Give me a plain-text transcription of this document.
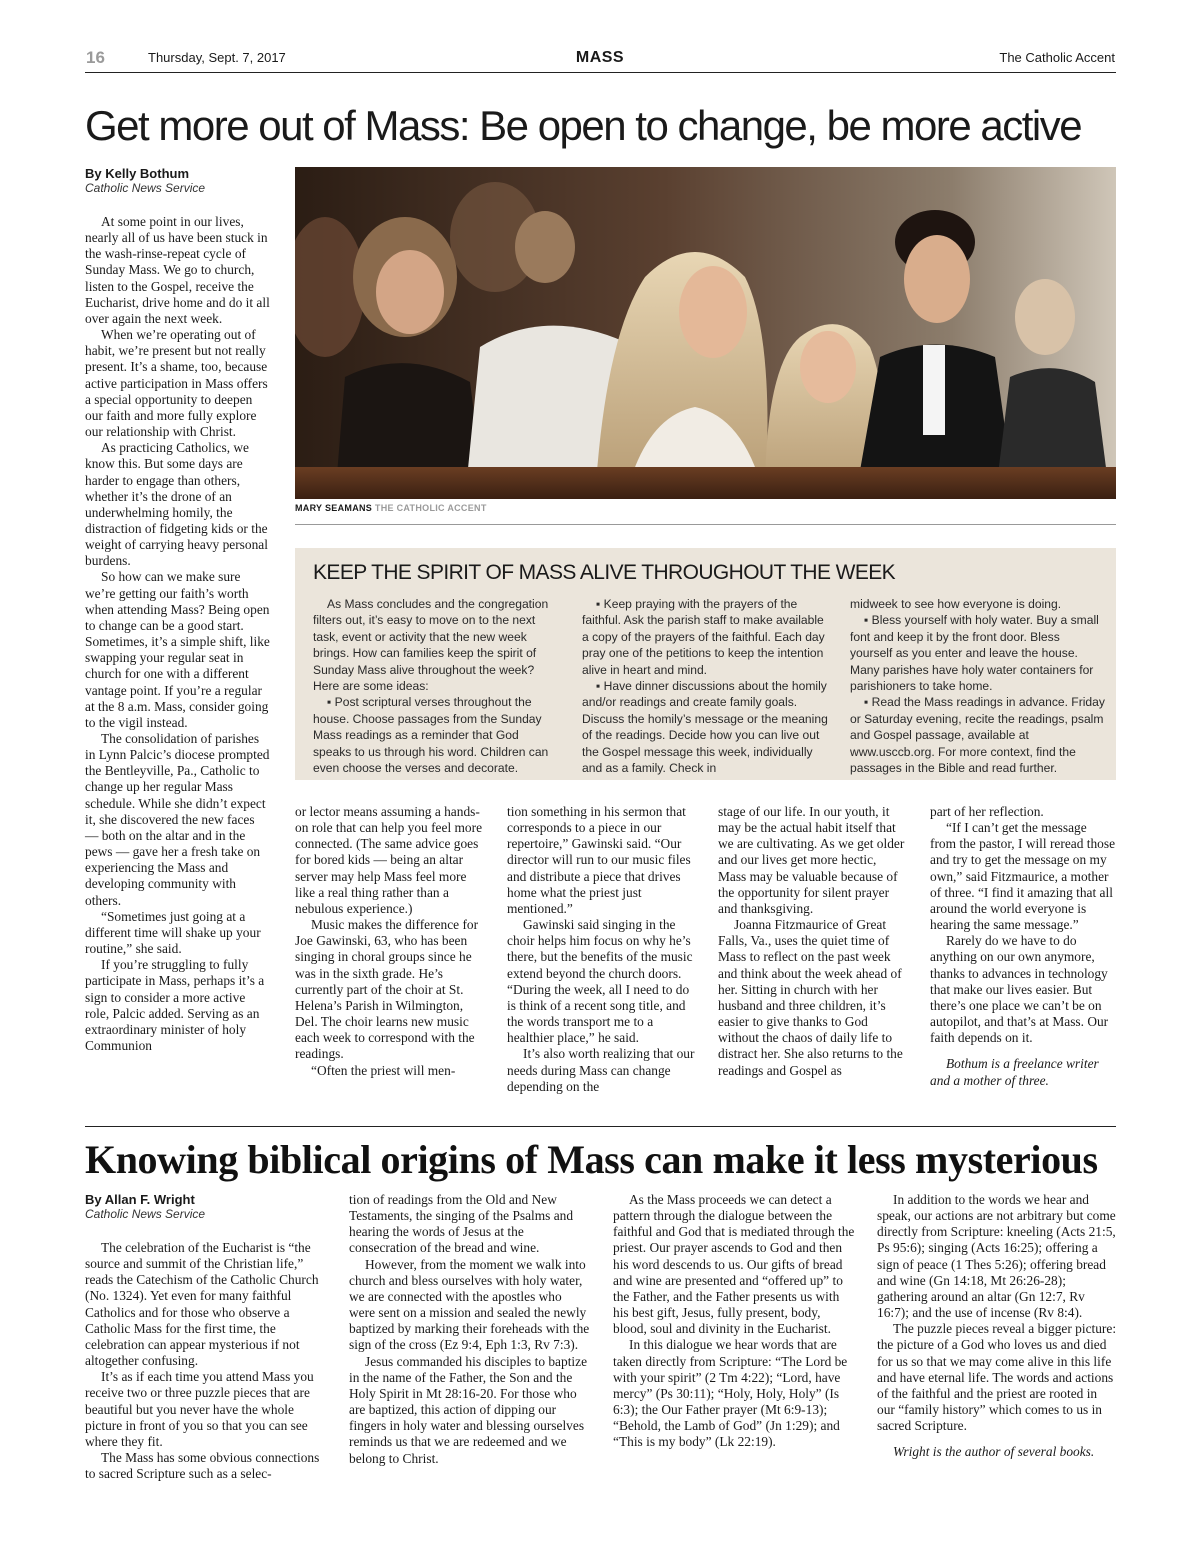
16	Thursday, Sept. 7, 2017	MASS	The Catholic Accent
Get more out of Mass: Be open to change, be more active
By Kelly Bothum
Catholic News Service

At some point in our lives, nearly all of us have been stuck in the wash-rinse-repeat cycle of Sunday Mass. We go to church, listen to the Gospel, receive the Eucharist, drive home and do it all over again the next week.

When we’re operating out of habit, we’re present but not really present. It’s a shame, too, because active participation in Mass offers a special opportunity to deepen our faith and more fully explore our relationship with Christ.

As practicing Catholics, we know this. But some days are harder to engage than others, whether it’s the drone of an underwhelming homily, the distraction of fidgeting kids or the weight of carrying heavy personal burdens.

So how can we make sure we’re getting our faith’s worth when attending Mass? Being open to change can be a good start. Sometimes, it’s a simple shift, like swapping your regular seat in church for one with a different vantage point. If you’re a regular at the 8 a.m. Mass, consider going to the vigil instead.

The consolidation of parishes in Lynn Palcic’s diocese prompted the Bentleyville, Pa., Catholic to change up her regular Mass schedule. While she didn’t expect it, she discovered the new faces — both on the altar and in the pews — gave her a fresh take on experiencing the Mass and developing community with others.

“Sometimes just going at a different time will shake up your routine,” she said.

If you’re struggling to fully participate in Mass, perhaps it’s a sign to consider a more active role, Palcic added. Serving as an extraordinary minister of holy Communion

MARY SEAMANS THE CATHOLIC ACCENT
KEEP THE SPIRIT OF MASS ALIVE THROUGHOUT THE WEEK

As Mass concludes and the congregation filters out, it’s easy to move on to the next task, event or activity that the new week brings. How can families keep the spirit of Sunday Mass alive throughout the week? Here are some ideas:

▪ Post scriptural verses throughout the house. Choose passages from the Sunday Mass readings as a reminder that God speaks to us through his word. Children can even choose the verses and decorate.

▪ Keep praying with the prayers of the faithful. Ask the parish staff to make available a copy of the prayers of the faithful. Each day pray one of the petitions to keep the intention alive in heart and mind.

▪ Have dinner discussions about the homily and/or readings and create family goals. Discuss the homily’s message or the meaning of the readings. Decide how you can live out the Gospel message this week, individually and as a family. Check in

midweek to see how everyone is doing.

▪ Bless yourself with holy water. Buy a small font and keep it by the front door. Bless yourself as you enter and leave the house. Many parishes have holy water containers for parishioners to take home.

▪ Read the Mass readings in advance. Friday or Saturday evening, recite the readings, psalm and Gospel passage, available at www.usccb.org. For more context, find the passages in the Bible and read further.

or lector means assuming a hands-on role that can help you feel more connected. (The same advice goes for bored kids — being an altar server may help Mass feel more like a real thing rather than a nebulous experience.)

Music makes the difference for Joe Gawinski, 63, who has been singing in choral groups since he was in the sixth grade. He’s currently part of the choir at St. Helena’s Parish in Wilmington, Del. The choir learns new music each week to correspond with the readings.

“Often the priest will men-

tion something in his sermon that corresponds to a piece in our repertoire,” Gawinski said. “Our director will run to our music files and distribute a piece that drives home what the priest just mentioned.”

Gawinski said singing in the choir helps him focus on why he’s there, but the benefits of the music extend beyond the church doors. “During the week, all I need to do is think of a recent song title, and the words transport me to a healthier place,” he said.

It’s also worth realizing that our needs during Mass can change depending on the

stage of our life. In our youth, it may be the actual habit itself that we are cultivating. As we get older and our lives get more hectic, Mass may be valuable because of the opportunity for silent prayer and thanksgiving.

Joanna Fitzmaurice of Great Falls, Va., uses the quiet time of Mass to reflect on the past week and think about the week ahead of her. Sitting in church with her husband and three children, it’s easier to give thanks to God without the chaos of daily life to distract her. She also returns to the readings and Gospel as

part of her reflection.

“If I can’t get the message from the pastor, I will reread those and try to get the message on my own,” said Fitzmaurice, a mother of three. “I find it amazing that all around the world everyone is hearing the same message.”

Rarely do we have to do anything on our own anymore, thanks to advances in technology that make our lives easier. But there’s one place we can’t be on autopilot, and that’s at Mass. Our faith depends on it.

Bothum is a freelance writer and a mother of three.

Knowing biblical origins of Mass can make it less mysterious
By Allan F. Wright
Catholic News Service

The celebration of the Eucharist is “the source and summit of the Christian life,” reads the Catechism of the Catholic Church (No. 1324). Yet even for many faithful Catholics and for those who observe a Catholic Mass for the first time, the celebration can appear mysterious if not altogether confusing.

It’s as if each time you attend Mass you receive two or three puzzle pieces that are beautiful but you never have the whole picture in front of you so that you can see where they fit.

The Mass has some obvious connections to sacred Scripture such as a selec-

tion of readings from the Old and New Testaments, the singing of the Psalms and hearing the words of Jesus at the consecration of the bread and wine.

However, from the moment we walk into church and bless ourselves with holy water, we are connected with the apostles who were sent on a mission and sealed the newly baptized by marking their foreheads with the sign of the cross (Ez 9:4, Eph 1:3, Rv 7:3).

Jesus commanded his disciples to baptize in the name of the Father, the Son and the Holy Spirit in Mt 28:16-20. For those who are baptized, this action of dipping our fingers in holy water and blessing ourselves reminds us that we are redeemed and we belong to Christ.

As the Mass proceeds we can detect a pattern through the dialogue between the faithful and God that is mediated through the priest. Our prayer ascends to God and then his word descends to us. Our gifts of bread and wine are presented and “offered up” to the Father, and the Father presents us with his best gift, Jesus, fully present, body, blood, soul and divinity in the Eucharist.

In this dialogue we hear words that are taken directly from Scripture: “The Lord be with your spirit” (2 Tm 4:22); “Lord, have mercy” (Ps 30:11); “Holy, Holy, Holy” (Is 6:3); the Our Father prayer (Mt 6:9-13); “Behold, the Lamb of God” (Jn 1:29); and “This is my body” (Lk 22:19).

In addition to the words we hear and speak, our actions are not arbitrary but come directly from Scripture: kneeling (Acts 21:5, Ps 95:6); singing (Acts 16:25); offering a sign of peace (1 Thes 5:26); offering bread and wine (Gn 14:18, Mt 26:26-28); gathering around an altar (Gn 12:7, Rv 16:7); and the use of incense (Rv 8:4).

The puzzle pieces reveal a bigger picture: the picture of a God who loves us and died for us so that we may come alive in this life and have eternal life. The words and actions of the faithful and the priest are rooted in our “family history” which comes to us in sacred Scripture.

Wright is the author of several books.
